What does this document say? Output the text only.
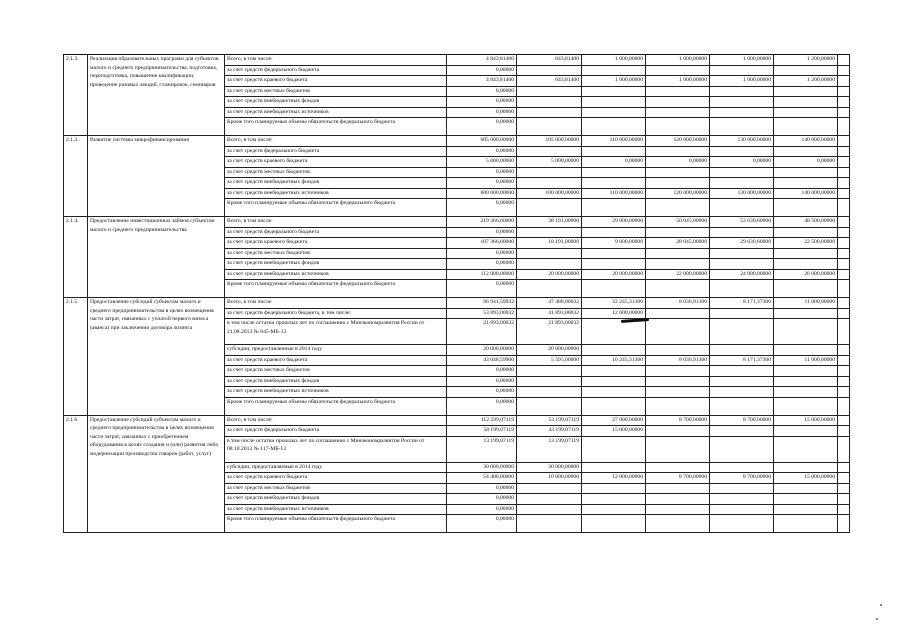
2.1.3.	Реализация образовательных программ для субъектов малого и среднего предпринимательства, подготовка, переподготовка, повышение квалификации, проведение разовых лекций, стажировок, семинаров	Всего, в том числе:	4 843,81400	643,81400	1 000,00000	1 000,00000	1 000,00000	1 200,00000	
		за счет средств федерального бюджета	0,00000						
		за счет средств краевого бюджета	4 843,81400	643,81400	1 000,00000	1 000,00000	1 000,00000	1 200,00000	
		за счет средств местных бюджетов	0,00000						
		за счет средств внебюджетных фондов	0,00000						
		за счет средств внебюджетных источников	0,00000						
		Кроме того планируемые объемы обязательств федерального бюджета	0,00000						
2.1.3.	Развитие системы микрофинансирования	Всего, в том числе:	605 000,00000	105 000,00000	110 000,00000	120 000,00000	130 000,00000	140 000,00000	
		за счет средств федерального бюджета	0,00000						
		за счет средств краевого бюджета	5 000,00000	5 000,00000	0,00000	0,00000	0,00000	0,00000	
		за счет средств местных бюджетов	0,00000						
		за счет средств внебюджетных фондов	0,00000						
		за счет средств внебюджетных источников	600 000,00000	100 000,00000	110 000,00000	120 000,00000	130 000,00000	140 000,00000	
		Кроме того планируемые объемы обязательств федерального бюджета	0,00000						
2.1.4.	Предоставление инвестиционных займов субъектам малого и среднего предпринимательства	Всего, в том числе:	219 366,60000	38 191,00000	29 000,00000	50 045,00000	53 630,60000	48 500,00000	
		за счет средств федерального бюджета	0,00000						
		за счет средств краевого бюджета	107 366,60000	18 191,00000	9 000,00000	28 045,00000	29 630,60000	22 500,00000	
		за счет средств местных бюджетов	0,00000						
		за счет средств внебюджетных фондов	0,00000						
		за счет средств внебюджетных источников	112 000,00000	20 000,00000	20 000,00000	22 000,00000	24 000,00000	26 000,00000	
		Кроме того планируемые объемы обязательств федерального бюджета	0,00000						
2.1.5.	Предоставление субсидий субъектам малого и среднего предпринимательства в целях возмещения части затрат, связанных с уплатой первого взноса (аванса) при заключении договора лизинга	Всего, в том числе:	96 941,59932	47 488,00032	22 245,31300	8 036,91300	8 171,37300	11 000,00000	
		за счет средств федерального бюджета, в том числе:	53 893,00032	41 893,00032	12 000,00000				
		в том числе остатки прошлых лет по соглашению с Минэкономразвития России от 21.08.2013 № 045-МБ-13	21 893,00032	21 893,00032					
		субсидии, предоставленные в 2014 году	20 000,00000	20 000,00000					
		за счет средств краевого бюджета	43 048,59900	5 595,00000	10 245,31300	8 036,91300	8 171,37300	11 000,00000	
		за счет средств местных бюджетов	0,00000						
		за счет средств внебюджетных фондов	0,00000						
		за счет средств внебюджетных источников	0,00000						
		Кроме того планируемые объемы обязательств федерального бюджета	0,00000						
2.1.6.	Предоставление субсидий субъектам малого и среднего предпринимательства в целях возмещения части затрат, связанных с приобретением оборудования в целях создания и (или) развития либо модернизации производства товаров (работ, услуг)	Всего, в том числе:	112 599,07119	53 199,07119	27 000,00000	8 700,00000	8 700,00000	15 000,00000	
		за счет средств федерального бюджета	58 199,07119	43 199,07119	15 000,00000				
		в том числе остатки прошлых лет по соглашению с Минэкономразвития России от 08.10.2013 № 117-МБ-13	13 199,07119	13 199,07119					
		субсидии, предоставляемые в 2014 году	30 000,00000	30 000,00000					
		за счет средств краевого бюджета	54 400,00000	10 000,00000	12 000,00000	8 700,00000	8 700,00000	15 000,00000	
		за счет средств местных бюджетов	0,00000						
		за счет средств внебюджетных фондов	0,00000						
		за счет средств внебюджетных источников	0,00000						
		Кроме того планируемые объемы обязательств федерального бюджета	0,00000						
